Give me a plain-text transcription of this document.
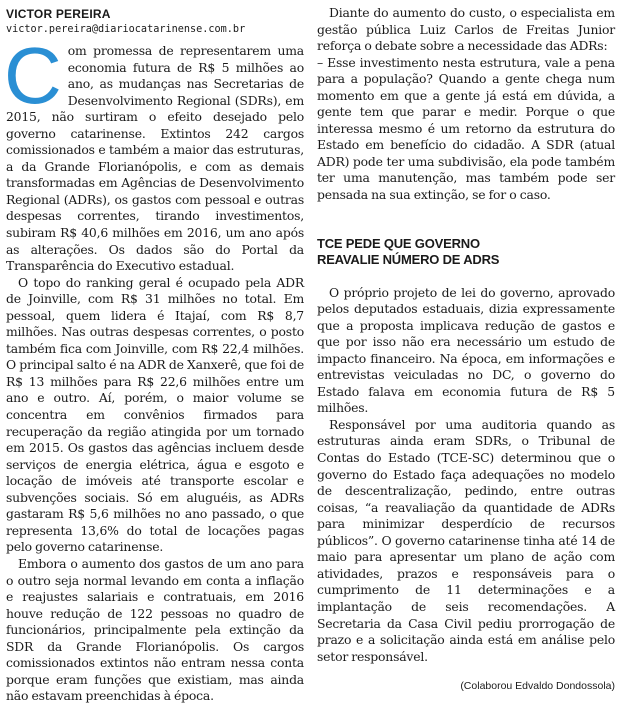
VICTOR PEREIRA

victor.pereira@diariocatarinense.com.br

C om promessa de representarem uma economia futura de R$ 5 milhões ao ano, as mudanças nas Secretarias de Desenvolvimento Regional (SDRs), em 2015, não surtiram o efeito desejado pelo governo catarinense. Extintos 242 cargos comissionados e também a maior das estruturas, a da Grande Florianópolis, e com as demais transformadas em Agências de Desenvolvimento Regional (ADRs), os gastos com pessoal e outras despesas correntes, tirando investimentos, subiram R$ 40,6 milhões em 2016, um ano após as alterações. Os dados são do Portal da Transparência do Executivo estadual.

O topo do ranking geral é ocupado pela ADR de Joinville, com R$ 31 milhões no total. Em pessoal, quem lidera é Itajaí, com R$ 8,7 milhões. Nas outras despesas correntes, o posto também fica com Joinville, com R$ 22,4 milhões. O principal salto é na ADR de Xanxerê, que foi de R$ 13 milhões para R$ 22,6 milhões entre um ano e outro. Aí, porém, o maior volume se concentra em convênios firmados para recuperação da região atingida por um tornado em 2015. Os gastos das agências incluem desde serviços de energia elétrica, água e esgoto e locação de imóveis até transporte escolar e subvenções sociais. Só em aluguéis, as ADRs gastaram R$ 5,6 milhões no ano passado, o que representa 13,6% do total de locações pagas pelo governo catarinense.

Embora o aumento dos gastos de um ano para o outro seja normal levando em conta a inflação e reajustes salariais e contratuais, em 2016 houve redução de 122 pessoas no quadro de funcionários, principalmente pela extinção da SDR da Grande Florianópolis. Os cargos comissionados extintos não entram nessa conta porque eram funções que existiam, mas ainda não estavam preenchidas à época.

Diante do aumento do custo, o especialista em gestão pública Luiz Carlos de Freitas Junior reforça o debate sobre a necessidade das ADRs:

– Esse investimento nesta estrutura, vale a pena para a população? Quando a gente chega num momento em que a gente já está em dúvida, a gente tem que parar e medir. Porque o que interessa mesmo é um retorno da estrutura do Estado em benefício do cidadão. A SDR (atual ADR) pode ter uma subdivisão, ela pode também ter uma manutenção, mas também pode ser pensada na sua extinção, se for o caso.

TCE PEDE QUE GOVERNO
REAVALIE NÚMERO DE ADRS

O próprio projeto de lei do governo, aprovado pelos deputados estaduais, dizia expressamente que a proposta implicava redução de gastos e que por isso não era necessário um estudo de impacto financeiro. Na época, em informações e entrevistas veiculadas no DC, o governo do Estado falava em economia futura de R$ 5 milhões.

Responsável por uma auditoria quando as estruturas ainda eram SDRs, o Tribunal de Contas do Estado (TCE-SC) determinou que o governo do Estado faça adequações no modelo de descentralização, pedindo, entre outras coisas, “a reavaliação da quantidade de ADRs para minimizar desperdício de recursos públicos”. O governo catarinense tinha até 14 de maio para apresentar um plano de ação com atividades, prazos e responsáveis para o cumprimento de 11 determinações e a implantação de seis recomendações. A Secretaria da Casa Civil pediu prorrogação de prazo e a solicitação ainda está em análise pelo setor responsável.

(Colaborou Edvaldo Dondossola)
